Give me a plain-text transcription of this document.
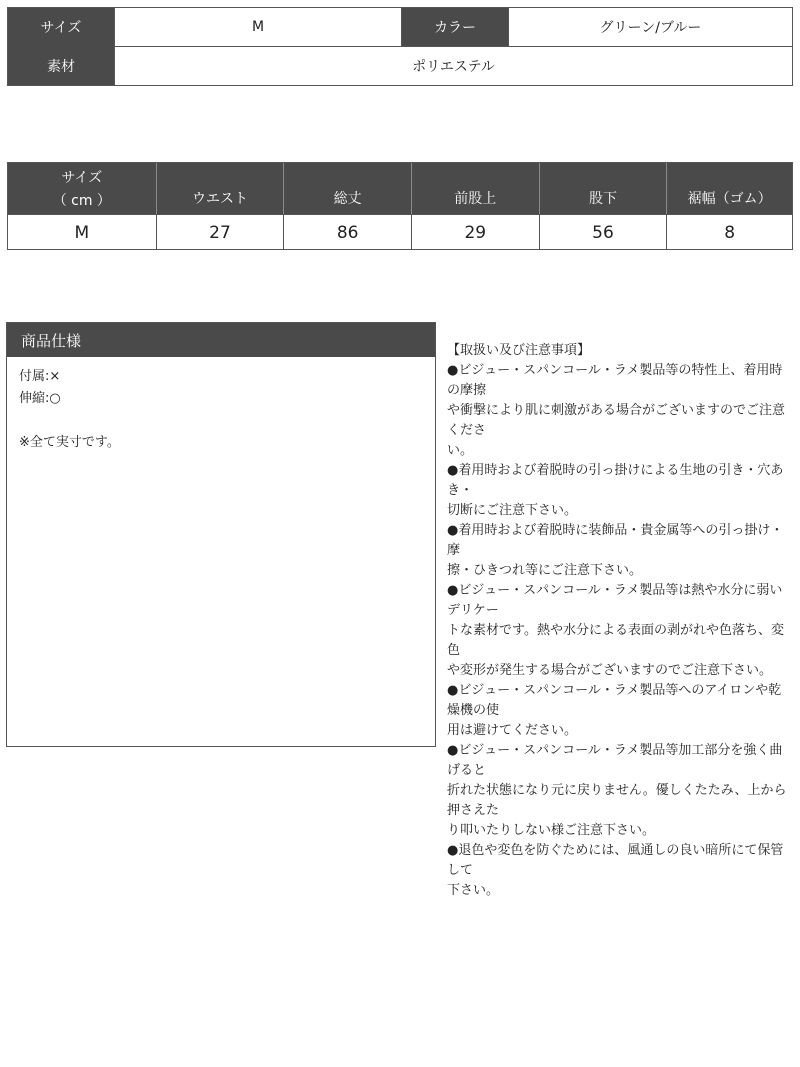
サイズ	M	カラー	グリーン/ブルー
素材	ポリエステル
サイズ
（ cm ）	ウエスト	総丈	前股上	股下	裾幅（ゴム）
M	27	86	29	56	8
商品仕様
付属:×
伸縮:○
※全て実寸です。

【取扱い及び注意事項】

●ビジュー・スパンコール・ラメ製品等の特性上、着用時の摩擦

や衝撃により肌に刺激がある場合がございますのでご注意くださ

い。

●着用時および着脱時の引っ掛けによる生地の引き・穴あき・

切断にご注意下さい。

●着用時および着脱時に装飾品・貴金属等への引っ掛け・摩

擦・ひきつれ等にご注意下さい。

●ビジュー・スパンコール・ラメ製品等は熱や水分に弱いデリケー

トな素材です。熱や水分による表面の剥がれや色落ち、変色

や変形が発生する場合がございますのでご注意下さい。

●ビジュー・スパンコール・ラメ製品等へのアイロンや乾燥機の使

用は避けてください。

●ビジュー・スパンコール・ラメ製品等加工部分を強く曲げると

折れた状態になり元に戻りません。優しくたたみ、上から押さえた

り叩いたりしない様ご注意下さい。

●退色や変色を防ぐためには、風通しの良い暗所にて保管して

下さい。
